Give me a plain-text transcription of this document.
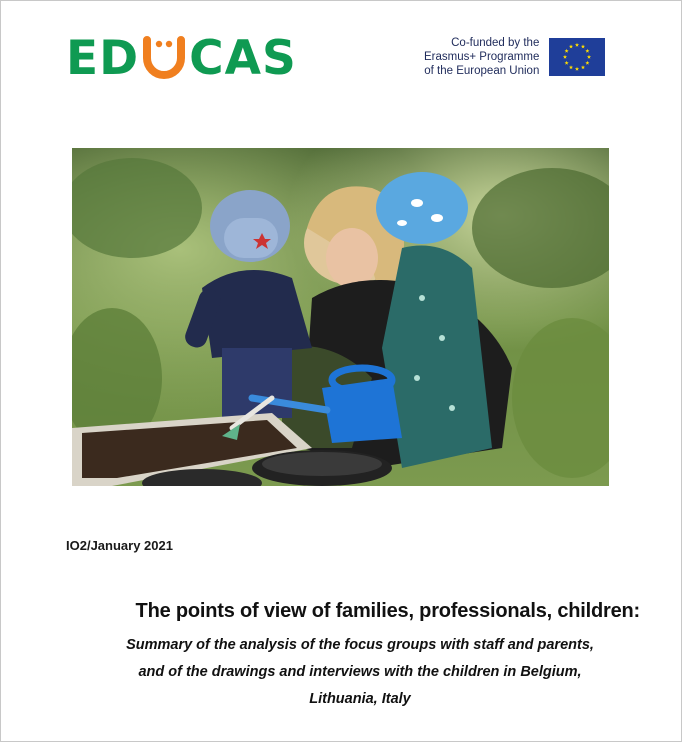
ED CAS	Co-funded by the
Erasmus+ Programme
of the European Union
IO2/January 2021
The points of view of families, professionals, children:
Summary of the analysis of the focus groups with staff and parents,
and of the drawings and interviews with the children in Belgium,
Lithuania, Italy
